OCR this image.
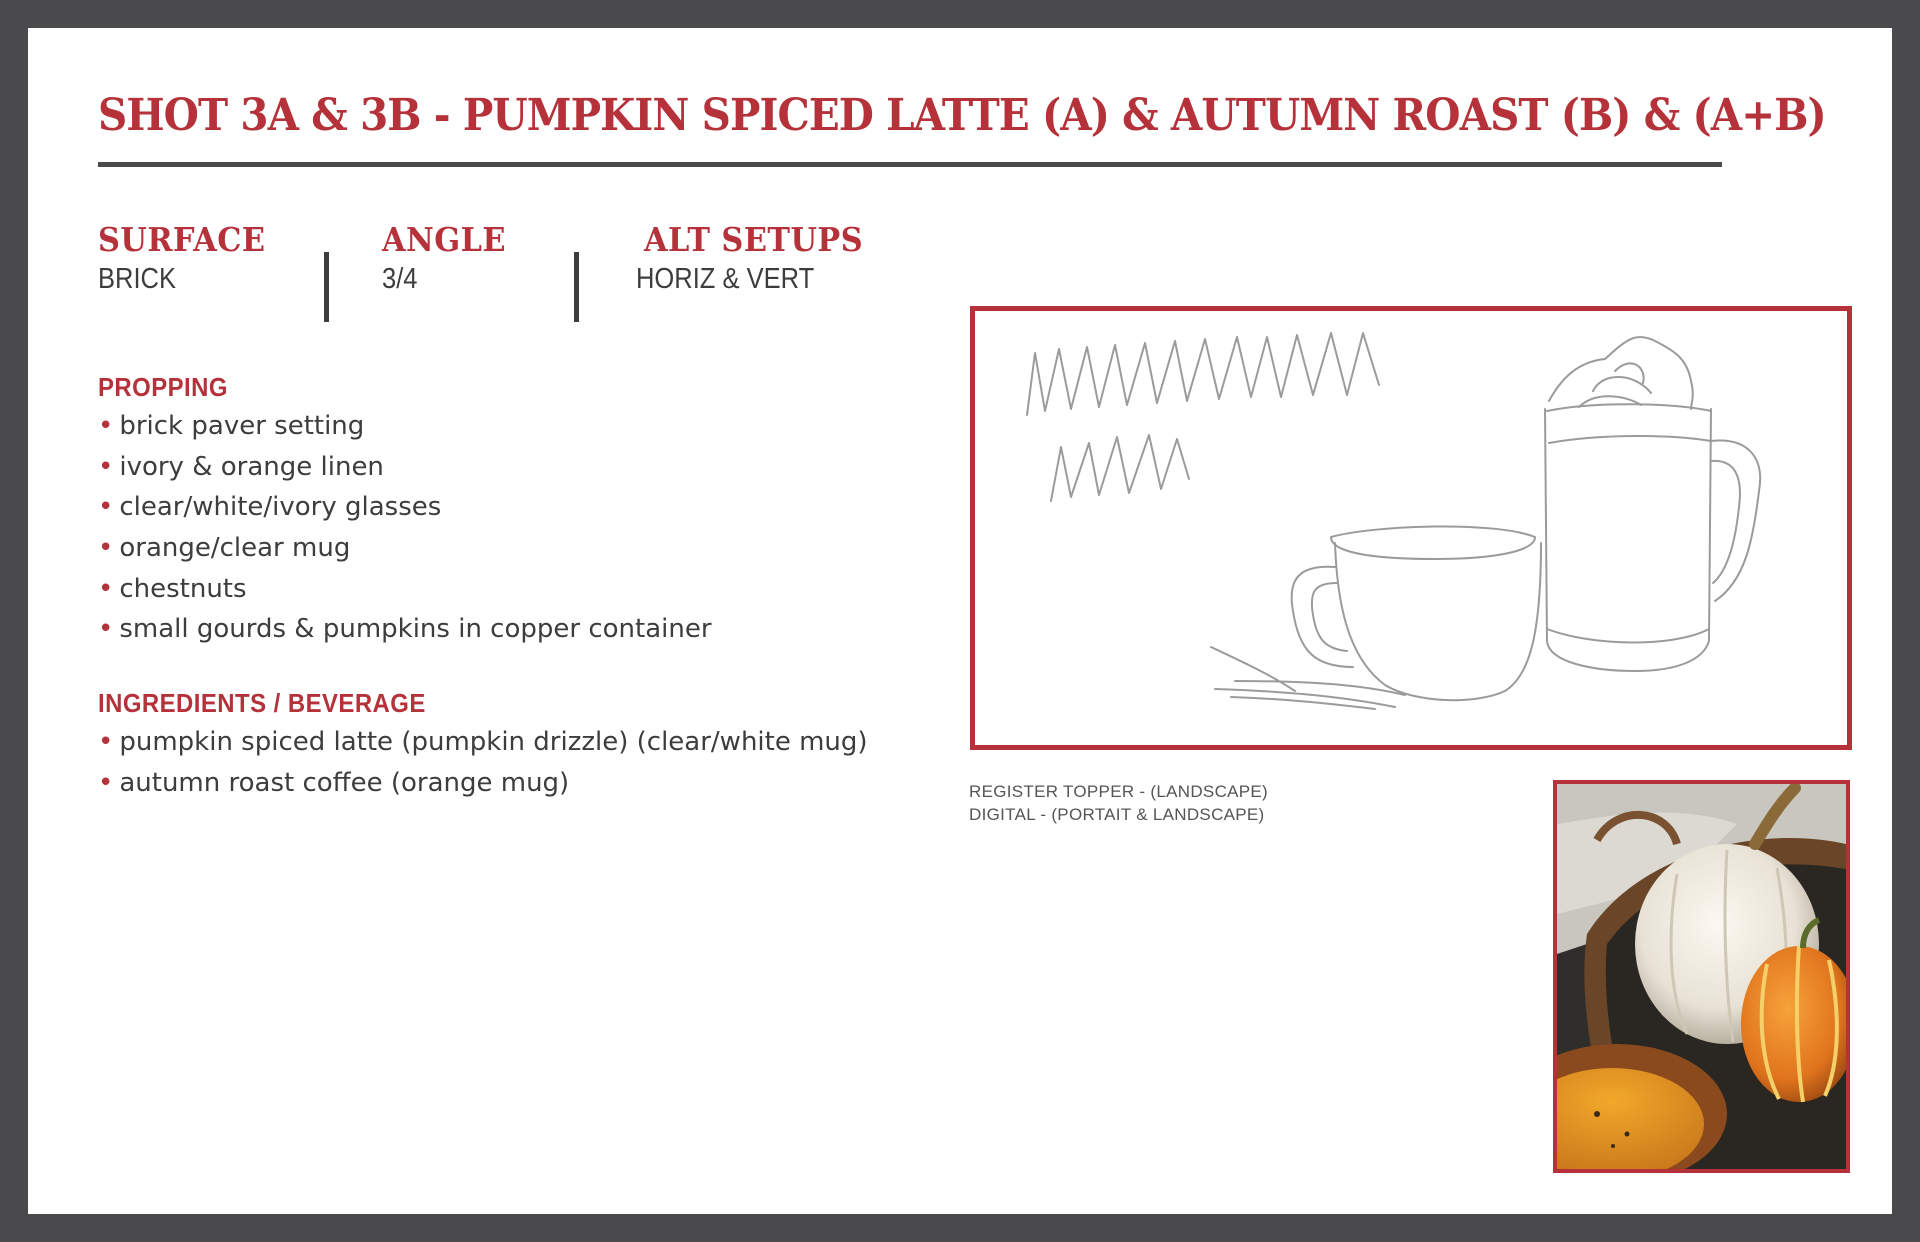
SHOT 3A & 3B - PUMPKIN SPICED LATTE (A) & AUTUMN ROAST (B) & (A+B)
SURFACE
BRICK
ANGLE
3/4
ALT SETUPS
HORIZ & VERT
PROPPING
• brick paver setting
• ivory & orange linen
• clear/white/ivory glasses
• orange/clear mug
• chestnuts
• small gourds & pumpkins in copper container
INGREDIENTS / BEVERAGE
• pumpkin spiced latte (pumpkin drizzle) (clear/white mug)
• autumn roast coffee (orange mug)	REGISTER TOPPER - (LANDSCAPE)
DIGITAL - (PORTAIT & LANDSCAPE)
